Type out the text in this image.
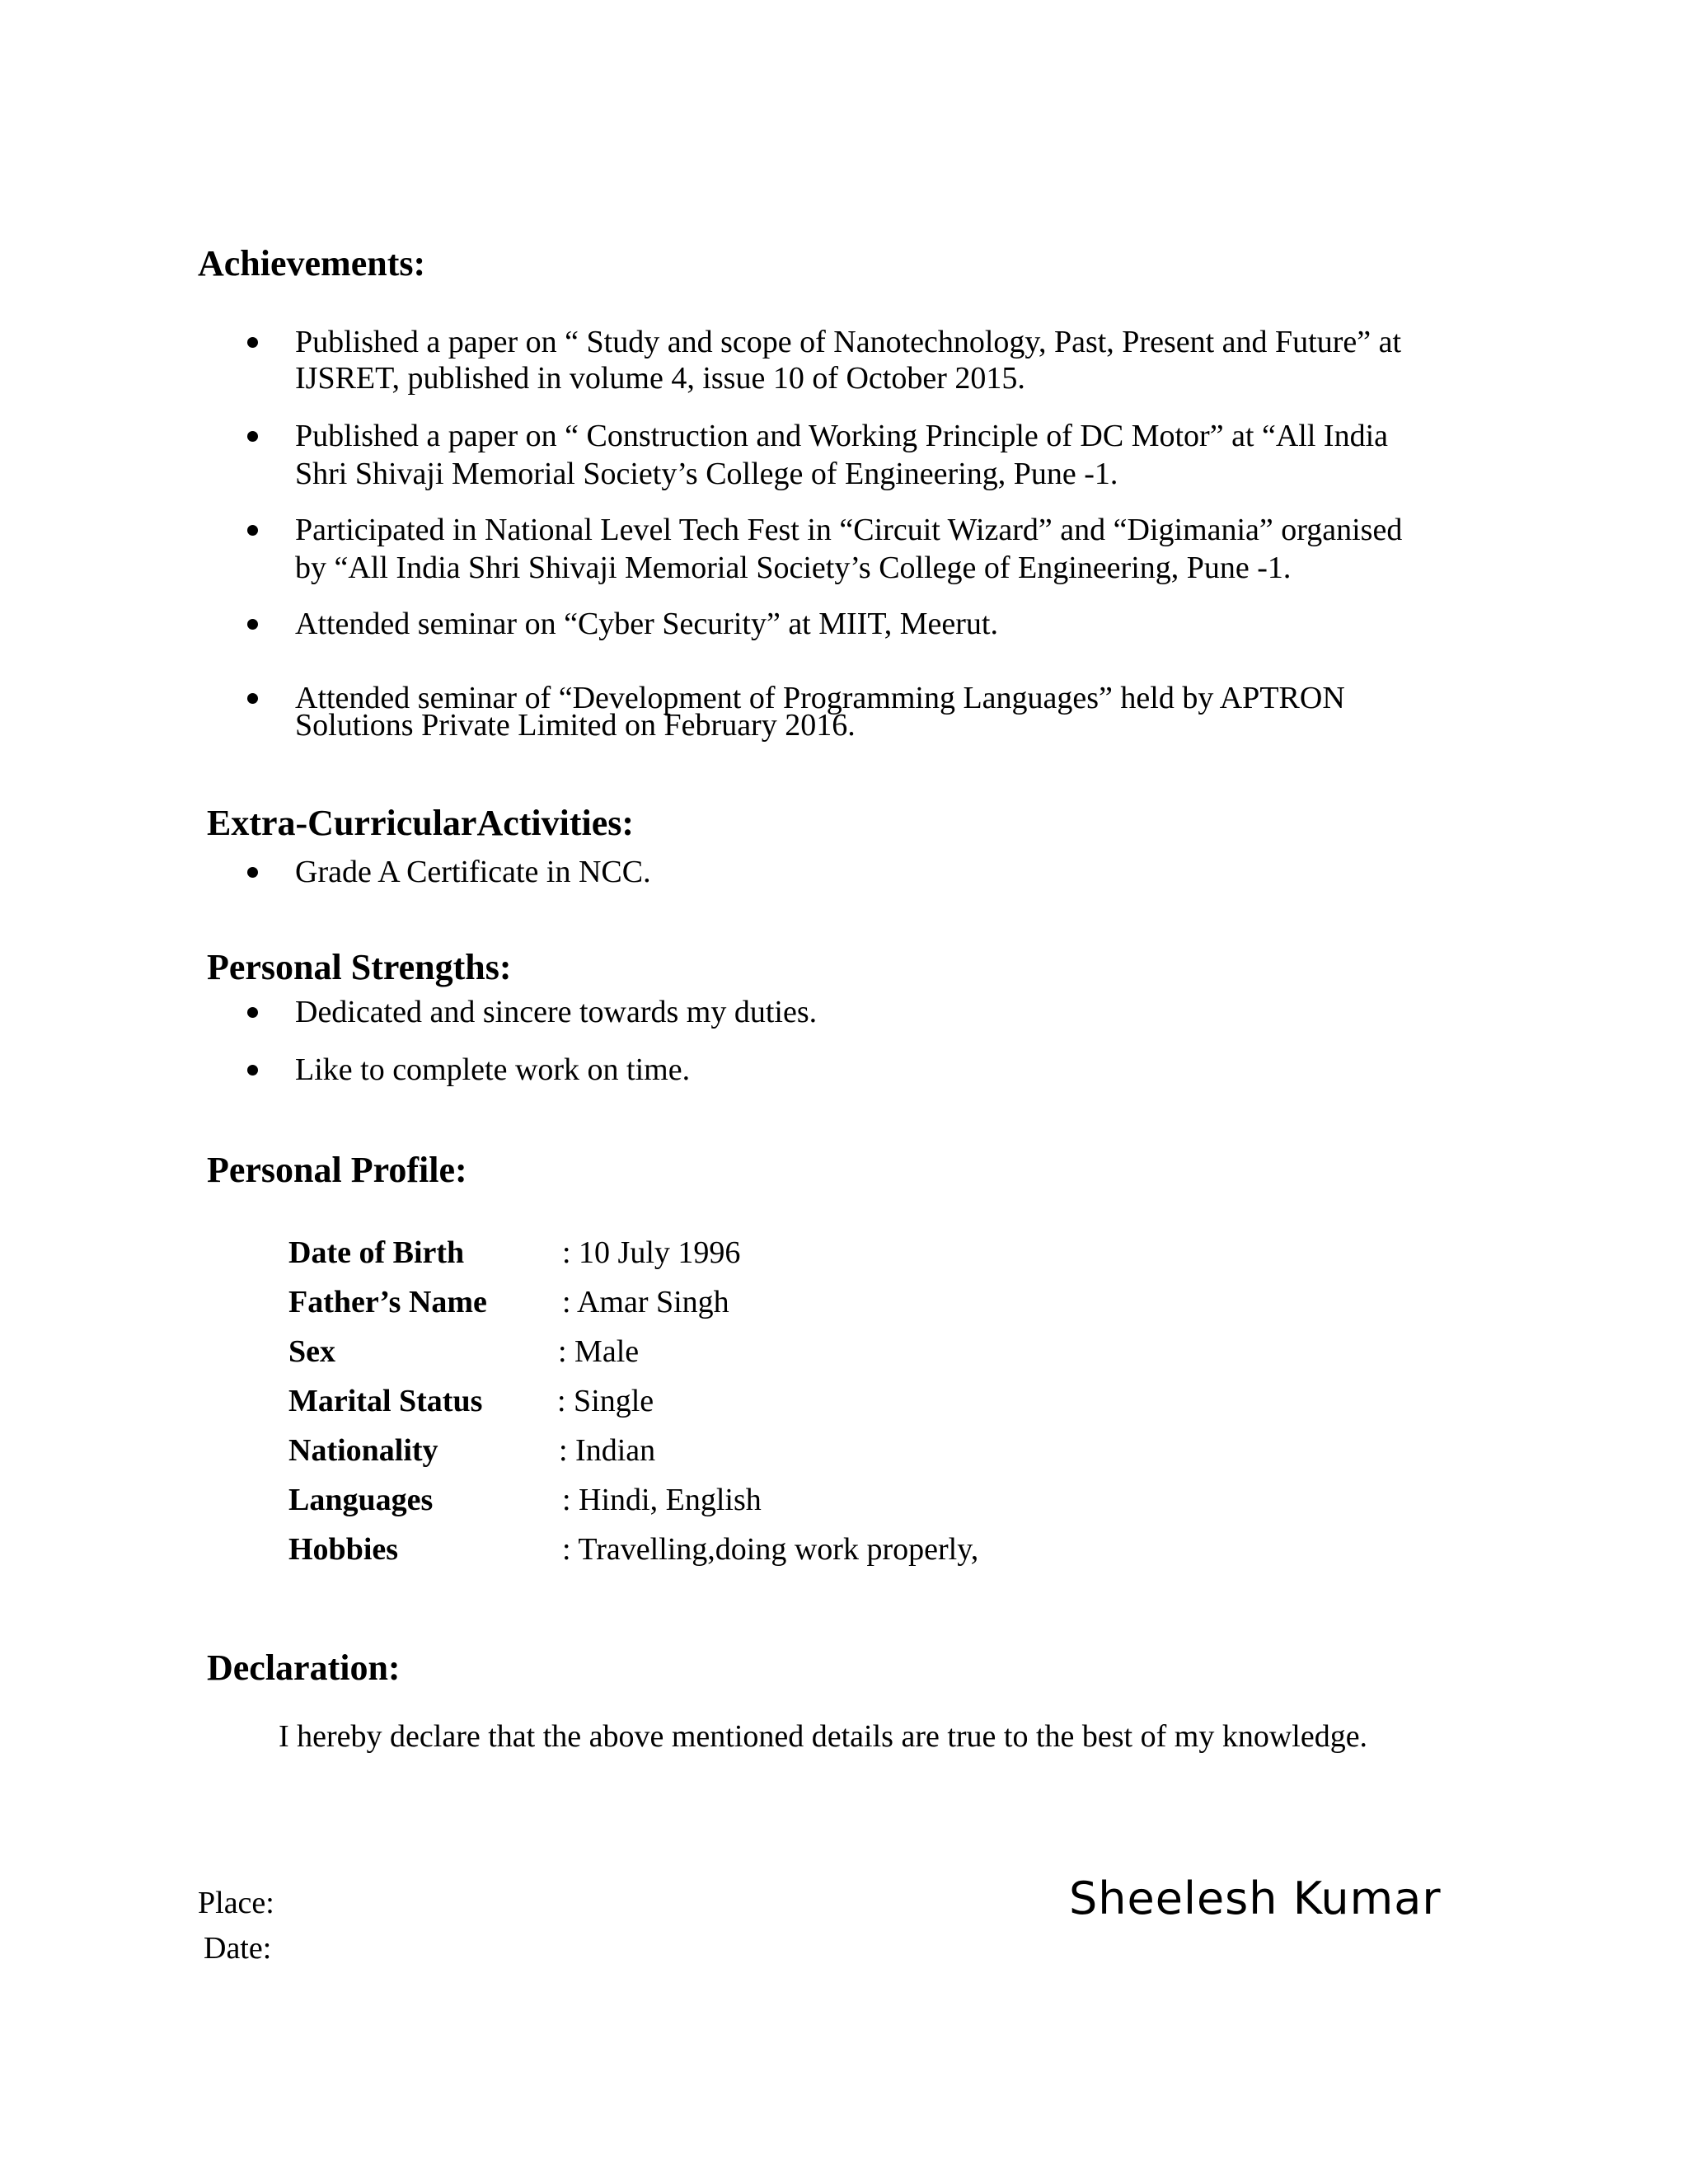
Achievements:
Published a paper on “ Study and scope of Nanotechnology, Past, Present and Future” at
IJSRET, published in volume 4, issue 10 of October 2015.
Published a paper on “ Construction and Working Principle of DC Motor” at “All India
Shri Shivaji Memorial Society’s College of Engineering, Pune -1.
Participated in National Level Tech Fest in “Circuit Wizard” and “Digimania” organised
by “All India Shri Shivaji Memorial Society’s College of Engineering, Pune -1.
Attended seminar on “Cyber Security” at MIIT, Meerut.
Attended seminar of “Development of Programming Languages” held by APTRON
Solutions Private Limited on February 2016.
Extra-CurricularActivities:
Grade A Certificate in NCC.
Personal Strengths:
Dedicated and sincere towards my duties.
Like to complete work on time.
Personal Profile:
Date of Birth	: 10 July 1996
Father’s Name : Amar Singh
Sex	: Male
Marital Status : Single
Nationality	: Indian
Languages	: Hindi, English
Hobbies	: Travelling,doing work properly,
Declaration:
I hereby declare that the above mentioned details are true to the best of my knowledge.
Place:
Date:
Sheelesh Kumar
